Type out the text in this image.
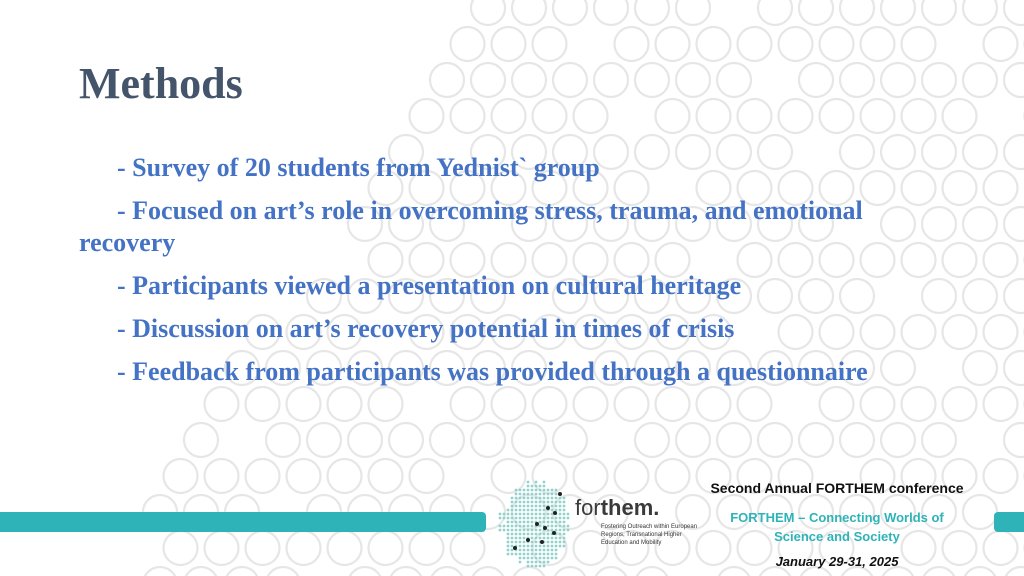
Methods

- Survey of 20 students from Yednist` group

- Focused on art’s role in overcoming stress, trauma, and emotional recovery

- Participants viewed a presentation on cultural heritage

- Discussion on art’s recovery potential in times of crisis

- Feedback from participants was provided through a questionnaire

forthem.
Fostering Outreach within European Regions, Transnational Higher Education and Mobility
Second Annual FORTHEM conference
FORTHEM – Connecting Worlds of Science and Society
January 29-31, 2025
